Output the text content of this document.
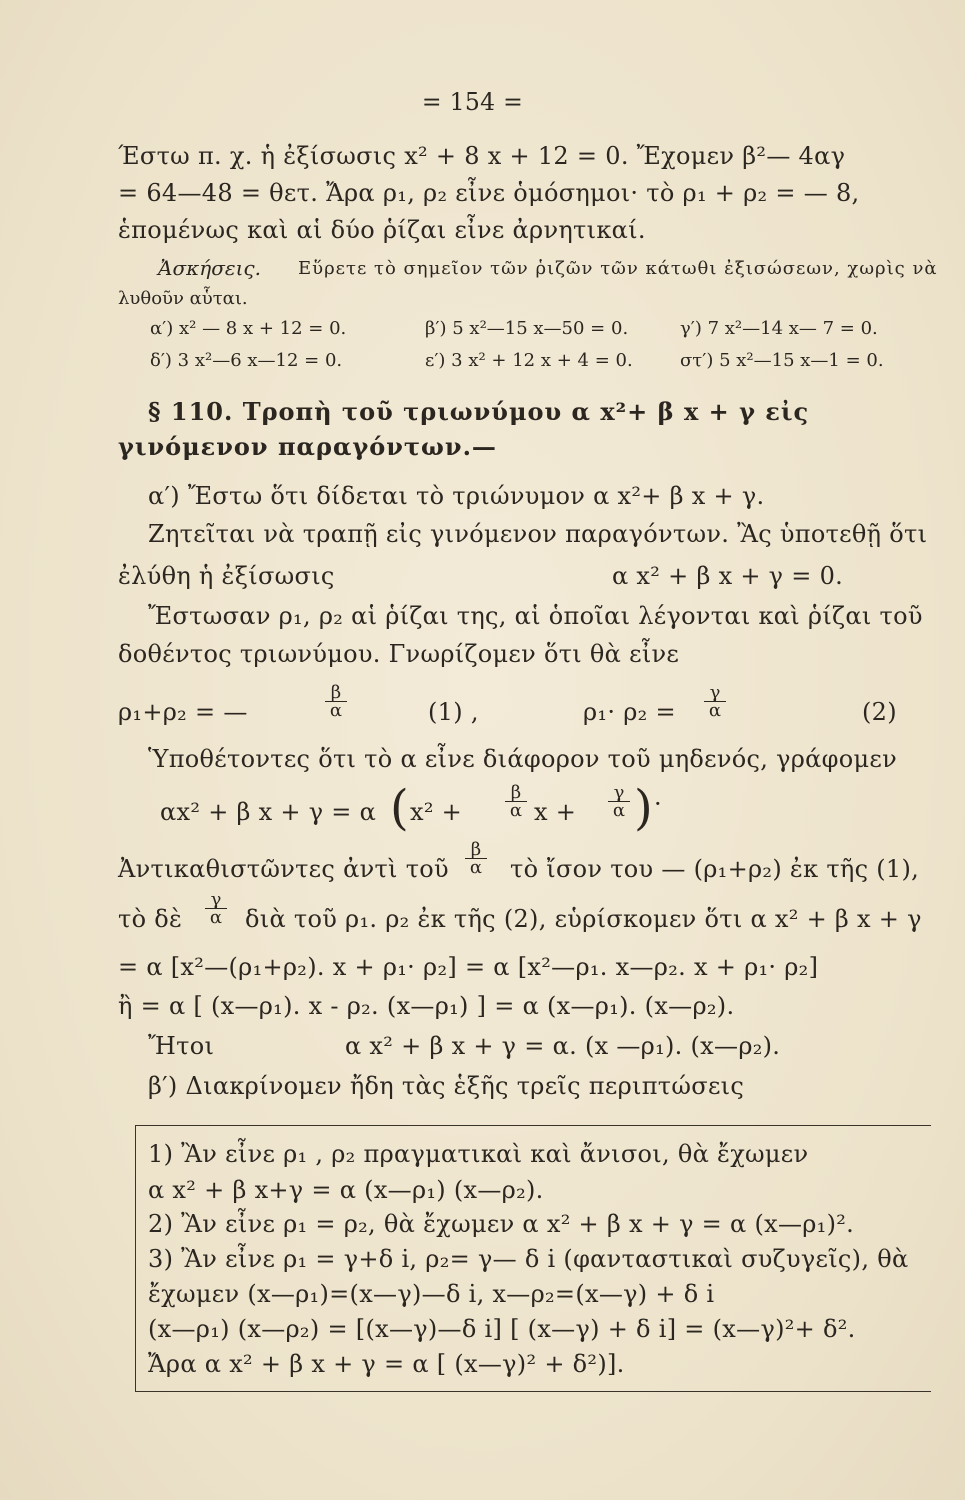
= 154 =
Έστω π. χ. ἡ ἐξίσωσις x² + 8 x + 12 = 0. Ἔχομεν β²— 4αγ
= 64—48 = θετ. Ἄρα ρ₁, ρ₂ εἶνε ὁμόσημοι· τὸ ρ₁ + ρ₂ = — 8,
ἑπομένως καὶ αἱ δύο ῥίζαι εἶνε ἀρνητικαί.
Ἀσκήσεις. Εὕρετε τὸ σημεῖον τῶν ῥιζῶν τῶν κάτωθι ἐξισώσεων, χωρὶς νὰ
λυθοῦν αὗται.
α′) x² — 8 x + 12 = 0.	β′) 5 x²—15 x—50 = 0.	γ′) 7 x²—14 x— 7 = 0.
δ′) 3 x²—6 x—12 = 0.	ε′) 3 x² + 12 x + 4 = 0.	στ′) 5 x²—15 x—1 = 0.
§ 110. Τροπὴ τοῦ τριωνύμου α x²+ β x + γ εἰς
γινόμενον παραγόντων.—
α′) Ἔστω ὅτι δίδεται τὸ τριώνυμον α x²+ β x + γ.
Ζητεῖται νὰ τραπῇ εἰς γινόμενον παραγόντων. Ἂς ὑποτεθῇ ὅτι
ἐλύθη ἡ ἐξίσωσις	α x² + β x + γ = 0.
Ἔστωσαν ρ₁, ρ₂ αἱ ῥίζαι της, αἱ ὁποῖαι λέγονται καὶ ῥίζαι τοῦ
δοθέντος τριωνύμου. Γνωρίζομεν ὅτι θὰ εἶνε
ρ₁+ρ₂ = —
β
α	(1) ,	ρ₁· ρ₂ =
γ
α	(2)
Ὑποθέτοντες ὅτι τὸ α εἶνε διάφορον τοῦ μηδενός, γράφομεν
αx² + β x + γ = α ( x² +
β
α x +
γ
α ) ·
Ἀντικαθιστῶντες ἀντὶ τοῦ
β
α τὸ ἴσον του — (ρ₁+ρ₂) ἐκ τῆς (1),
τὸ δὲ
γ
α διὰ τοῦ ρ₁. ρ₂ ἐκ τῆς (2), εὑρίσκομεν ὅτι α x² + β x + γ
= α [x²—(ρ₁+ρ₂). x + ρ₁· ρ₂] = α [x²—ρ₁. x—ρ₂. x + ρ₁· ρ₂]
ἢ = α [ (x—ρ₁). x - ρ₂. (x—ρ₁) ] = α (x—ρ₁). (x—ρ₂).
Ἤτοι	α x² + β x + γ = α. (x —ρ₁). (x—ρ₂).
β′) Διακρίνομεν ἤδη τὰς ἑξῆς τρεῖς περιπτώσεις
1) Ἂν εἶνε ρ₁ , ρ₂ πραγματικαὶ καὶ ἄνισοι, θὰ ἔχωμεν
α x² + β x+γ = α (x—ρ₁) (x—ρ₂).
2) Ἂν εἶνε ρ₁ = ρ₂, θὰ ἔχωμεν α x² + β x + γ = α (x—ρ₁)².
3) Ἂν εἶνε ρ₁ = γ+δ i, ρ₂= γ— δ i (φανταστικαὶ συζυγεῖς), θὰ
ἔχωμεν (x—ρ₁)=(x—γ)—δ i, x—ρ₂=(x—γ) + δ i
(x—ρ₁) (x—ρ₂) = [(x—γ)—δ i] [ (x—γ) + δ i] = (x—γ)²+ δ².
Ἄρα α x² + β x + γ = α [ (x—γ)² + δ²)].
